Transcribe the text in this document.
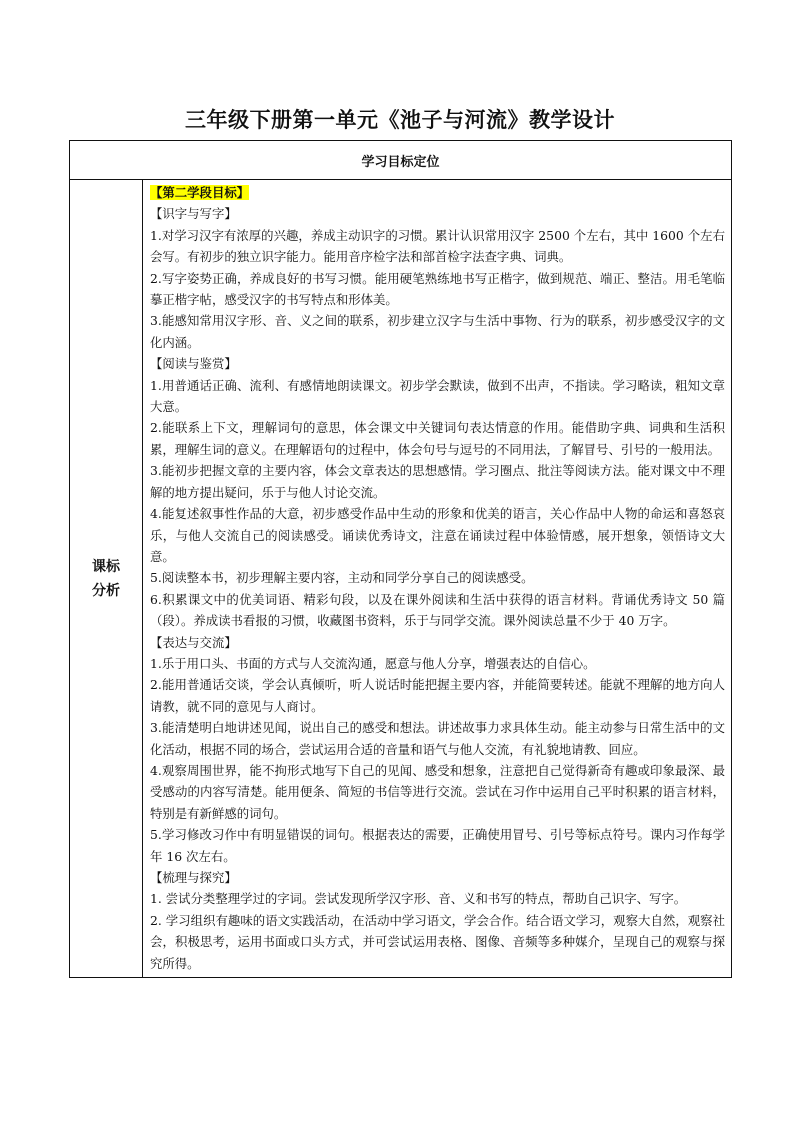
三年级下册第一单元《池子与河流》教学设计
学习目标定位

课标
分析

【第二学段目标】

【识字与写字】

1.对学习汉字有浓厚的兴趣，养成主动识字的习惯。累计认识常用汉字 2500 个左右，其中 1600 个左右会写。有初步的独立识字能力。能用音序检字法和部首检字法查字典、词典。

2.写字姿势正确，养成良好的书写习惯。能用硬笔熟练地书写正楷字，做到规范、端正、整洁。用毛笔临摹正楷字帖，感受汉字的书写特点和形体美。

3.能感知常用汉字形、音、义之间的联系，初步建立汉字与生活中事物、行为的联系，初步感受汉字的文化内涵。

【阅读与鉴赏】

1.用普通话正确、流利、有感情地朗读课文。初步学会默读，做到不出声，不指读。学习略读，粗知文章大意。

2.能联系上下文，理解词句的意思，体会课文中关键词句表达情意的作用。能借助字典、词典和生活积累，理解生词的意义。在理解语句的过程中，体会句号与逗号的不同用法，了解冒号、引号的一般用法。

3.能初步把握文章的主要内容，体会文章表达的思想感情。学习圈点、批注等阅读方法。能对课文中不理解的地方提出疑问，乐于与他人讨论交流。

4.能复述叙事性作品的大意，初步感受作品中生动的形象和优美的语言，关心作品中人物的命运和喜怒哀乐，与他人交流自己的阅读感受。诵读优秀诗文，注意在诵读过程中体验情感，展开想象，领悟诗文大意。

5.阅读整本书，初步理解主要内容，主动和同学分享自己的阅读感受。

6.积累课文中的优美词语、精彩句段，以及在课外阅读和生活中获得的语言材料。背诵优秀诗文 50 篇（段）。养成读书看报的习惯，收藏图书资料，乐于与同学交流。课外阅读总量不少于 40 万字。

【表达与交流】

1.乐于用口头、书面的方式与人交流沟通，愿意与他人分享，增强表达的自信心。

2.能用普通话交谈，学会认真倾听，听人说话时能把握主要内容，并能简要转述。能就不理解的地方向人请教，就不同的意见与人商讨。

3.能清楚明白地讲述见闻，说出自己的感受和想法。讲述故事力求具体生动。能主动参与日常生活中的文化活动，根据不同的场合，尝试运用合适的音量和语气与他人交流，有礼貌地请教、回应。

4.观察周围世界，能不拘形式地写下自己的见闻、感受和想象，注意把自己觉得新奇有趣或印象最深、最受感动的内容写清楚。能用便条、简短的书信等进行交流。尝试在习作中运用自己平时积累的语言材料，特别是有新鲜感的词句。

5.学习修改习作中有明显错误的词句。根据表达的需要，正确使用冒号、引号等标点符号。课内习作每学年 16 次左右。

【梳理与探究】

1. 尝试分类整理学过的字词。尝试发现所学汉字形、音、义和书写的特点，帮助自己识字、写字。

2. 学习组织有趣味的语文实践活动，在活动中学习语文，学会合作。结合语文学习，观察大自然，观察社会，积极思考，运用书面或口头方式，并可尝试运用表格、图像、音频等多种媒介，呈现自己的观察与探究所得。
